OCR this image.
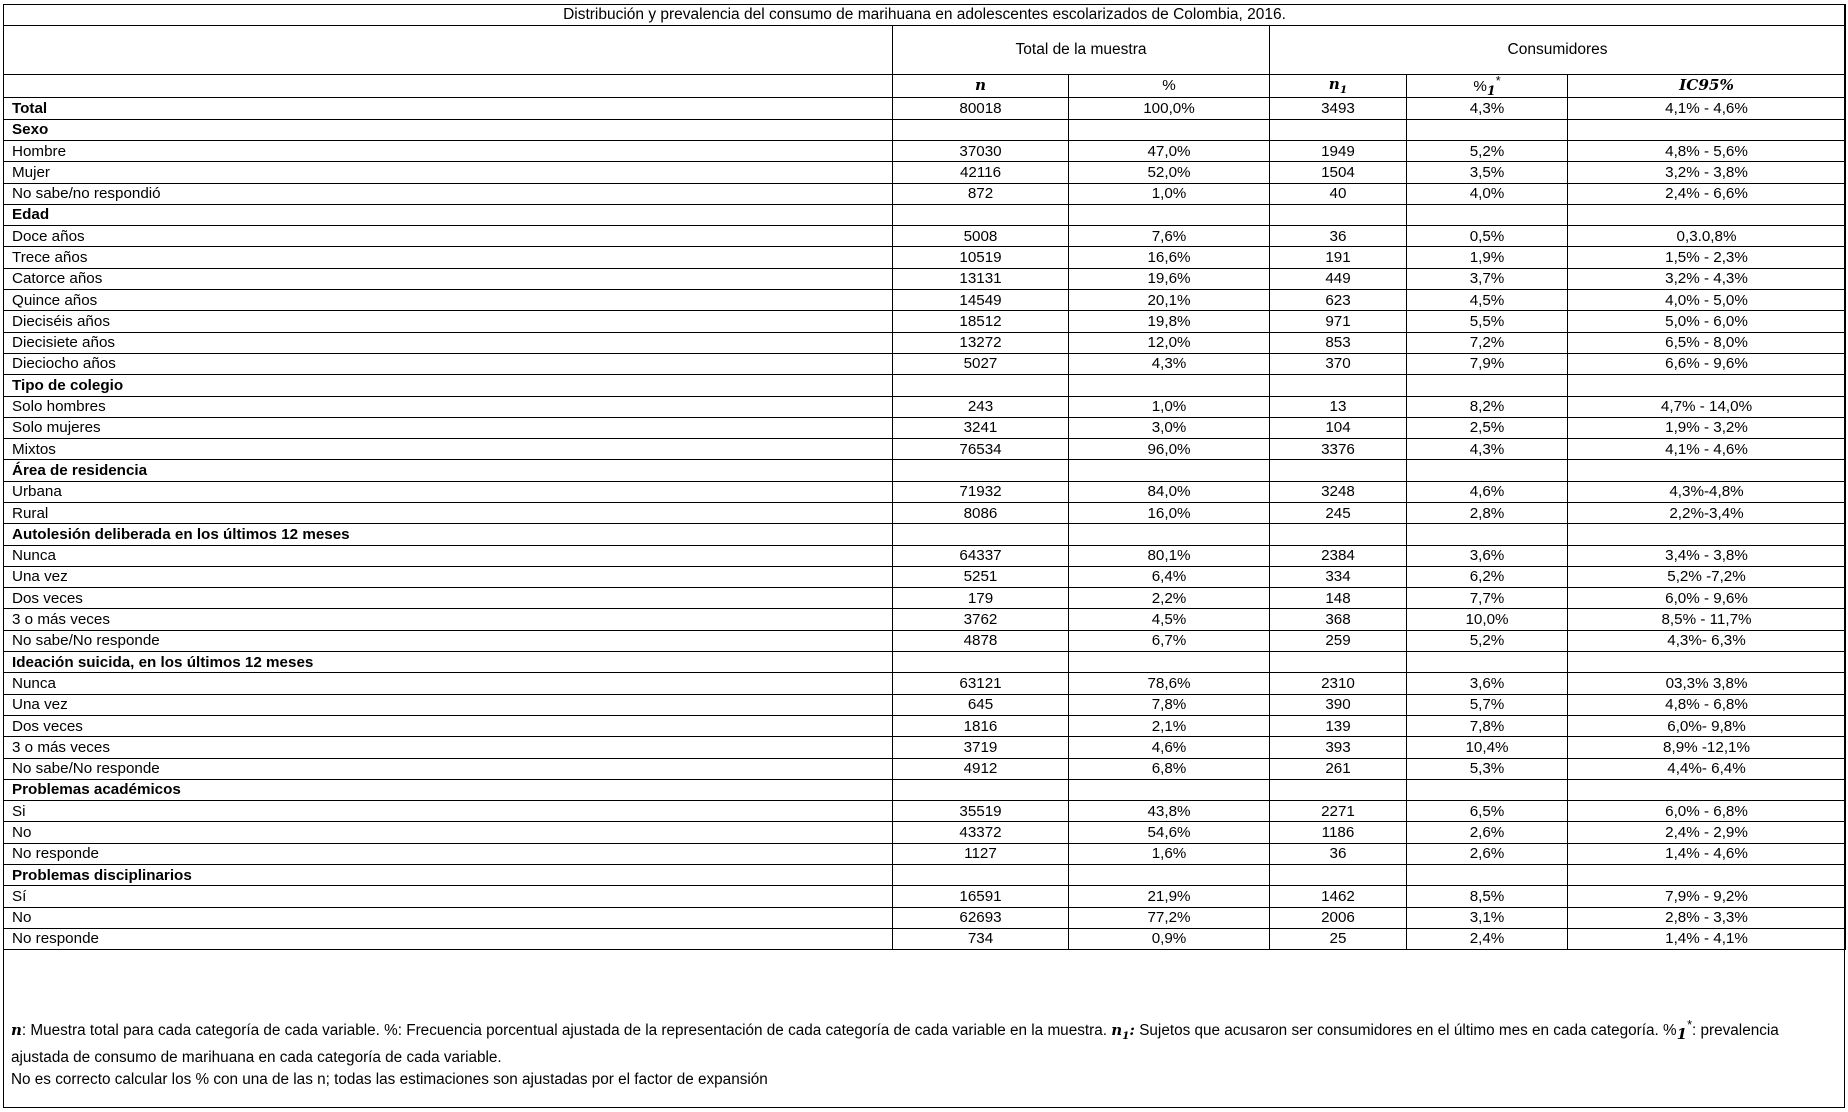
Distribución y prevalencia del consumo de marihuana en adolescentes escolarizados de Colombia, 2016.					
	Total de la muestra		Consumidores		
	n	%	$n_1$	$\%_1^*$	IC95%
Total	80018	100,0%	3493	4,3%	4,1% - 4,6%
Sexo					
Hombre	37030	47,0%	1949	5,2%	4,8% - 5,6%
Mujer	42116	52,0%	1504	3,5%	3,2% - 3,8%
No sabe/no respondió	872	1,0%	40	4,0%	2,4% - 6,6%
Edad					
Doce años	5008	7,6%	36	0,5%	0,3.0,8%
Trece años	10519	16,6%	191	1,9%	1,5% - 2,3%
Catorce años	13131	19,6%	449	3,7%	3,2% - 4,3%
Quince años	14549	20,1%	623	4,5%	4,0% - 5,0%
Dieciséis años	18512	19,8%	971	5,5%	5,0% - 6,0%
Diecisiete años	13272	12,0%	853	7,2%	6,5% - 8,0%
Dieciocho años	5027	4,3%	370	7,9%	6,6% - 9,6%
Tipo de colegio					
Solo hombres	243	1,0%	13	8,2%	4,7% - 14,0%
Solo mujeres	3241	3,0%	104	2,5%	1,9% - 3,2%
Mixtos	76534	96,0%	3376	4,3%	4,1% - 4,6%
Área de residencia					
Urbana	71932	84,0%	3248	4,6%	4,3%-4,8%
Rural	8086	16,0%	245	2,8%	2,2%-3,4%
Autolesión deliberada en los últimos 12 meses					
Nunca	64337	80,1%	2384	3,6%	3,4% - 3,8%
Una vez	5251	6,4%	334	6,2%	5,2% -7,2%
Dos veces	179	2,2%	148	7,7%	6,0% - 9,6%
3 o más veces	3762	4,5%	368	10,0%	8,5% - 11,7%
No sabe/No responde	4878	6,7%	259	5,2%	4,3%- 6,3%
Ideación suicida, en los últimos 12 meses					
Nunca	63121	78,6%	2310	3,6%	03,3% 3,8%
Una vez	645	7,8%	390	5,7%	4,8% - 6,8%
Dos veces	1816	2,1%	139	7,8%	6,0%- 9,8%
3 o más veces	3719	4,6%	393	10,4%	8,9% -12,1%
No sabe/No responde	4912	6,8%	261	5,3%	4,4%- 6,4%
Problemas académicos					
Si	35519	43,8%	2271	6,5%	6,0% - 6,8%
No	43372	54,6%	1186	2,6%	2,4% - 2,9%
No responde	1127	1,6%	36	2,6%	1,4% - 4,6%
Problemas disciplinarios					
Sí	16591	21,9%	1462	8,5%	7,9% - 9,2%
No	62693	77,2%	2006	3,1%	2,8% - 3,3%
No responde	734	0,9%	25	2,4%	1,4% - 4,1%

n: Muestra total para cada categoría de cada variable. %: Frecuencia porcentual ajustada de la representación de cada categoría de cada variable en la muestra. $n_1$: Sujetos que acusaron ser consumidores en el último mes en cada categoría. $\%_1^*$: prevalencia ajustada de consumo de marihuana en cada categoría de cada variable.

No es correcto calcular los % con una de las n; todas las estimaciones son ajustadas por el factor de expansión
